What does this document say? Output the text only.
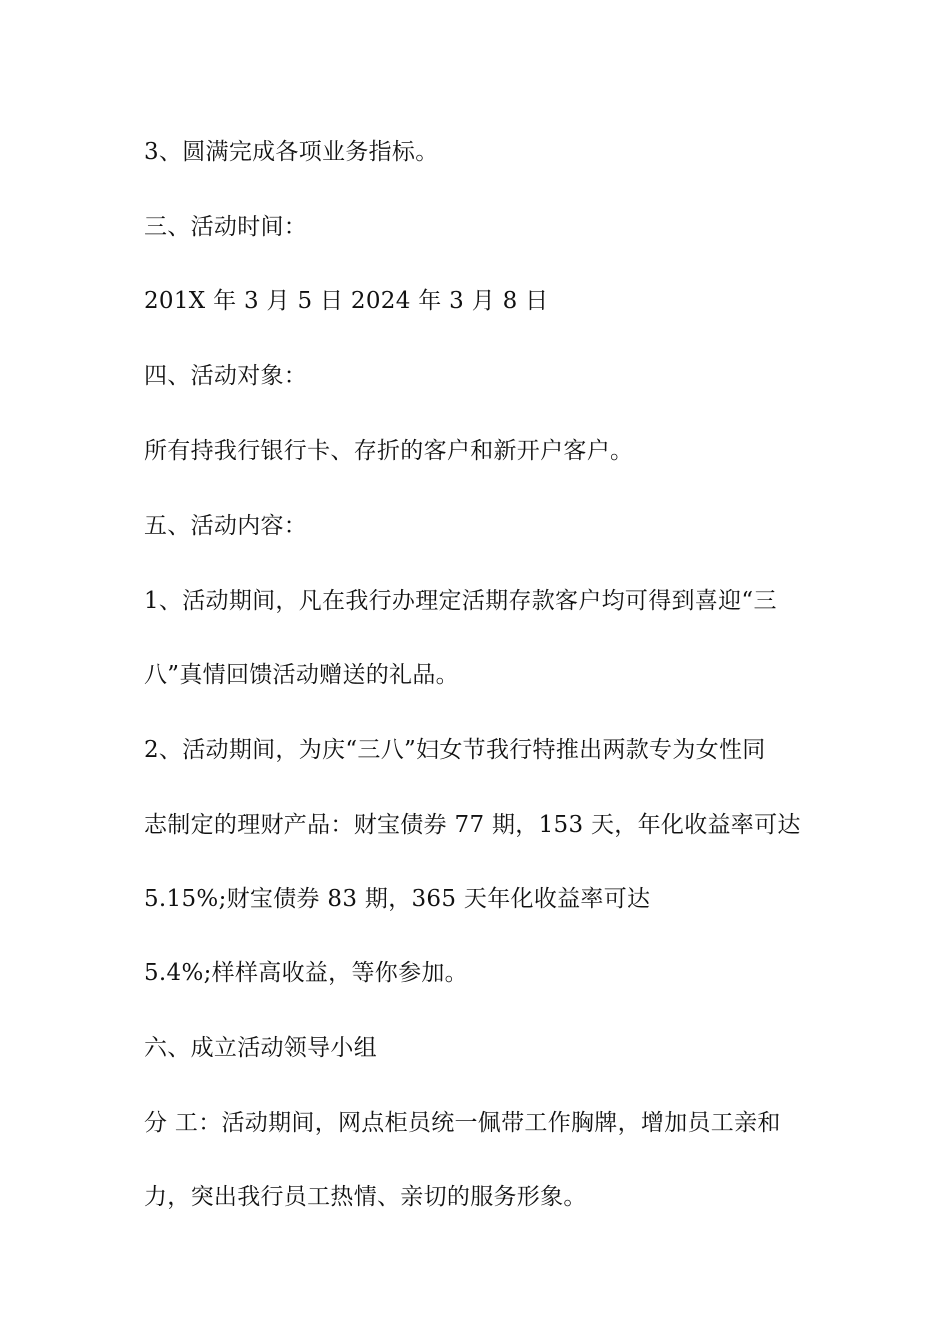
3、圆满完成各项业务指标。
三、活动时间：
201X 年 3 月 5 日 2024 年 3 月 8 日
四、活动对象：
所有持我行银行卡、存折的客户和新开户客户。
五、活动内容：
1、活动期间，凡在我行办理定活期存款客户均可得到喜迎“三
八”真情回馈活动赠送的礼品。
2、活动期间，为庆“三八”妇女节我行特推出两款专为女性同
志制定的理财产品：财宝债券 77 期，153 天，年化收益率可达
5.15%;财宝债券 83 期，365 天年化收益率可达
5.4%;样样高收益，等你参加。
六、成立活动领导小组
分 工：活动期间，网点柜员统一佩带工作胸牌，增加员工亲和
力，突出我行员工热情、亲切的服务形象。
